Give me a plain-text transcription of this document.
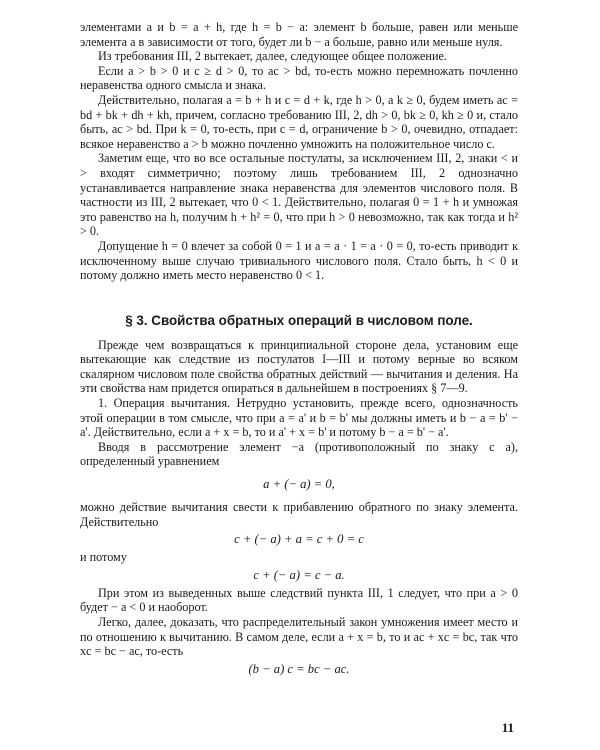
элементами a и b = a + h, где h = b − a: элемент b больше, равен или меньше элемента a в зависимости от того, будет ли b − a больше, равно или меньше нуля.

Из требования III, 2 вытекает, далее, следующее общее положение.

Если a > b > 0 и c ≥ d > 0, то ac > bd, то-есть можно перемножать почленно неравенства одного смысла и знака.

Действительно, полагая a = b + h и c = d + k, где h > 0, a k ≥ 0, будем иметь ac = bd + bk + dh + kh, причем, согласно требованию III, 2, dh > 0, bk ≥ 0, kh ≥ 0 и, стало быть, ac > bd. При k = 0, то-есть, при c = d, ограничение b > 0, очевидно, отпадает: всякое неравенство a > b можно почленно умножить на положительное число c.

Заметим еще, что во все остальные постулаты, за исключением III, 2, знаки < и > входят симметрично; поэтому лишь требованием III, 2 однозначно устанавливается направление знака неравенства для элементов числового поля. В частности из III, 2 вытекает, что 0 < 1. Действительно, полагая 0 = 1 + h и умножая это равенство на h, получим h + h² = 0, что при h > 0 невозможно, так как тогда и h² > 0.

Допущение h = 0 влечет за собой 0 = 1 и a = a · 1 = a · 0 = 0, то-есть приводит к исключенному выше случаю тривиального числового поля. Стало быть, h < 0 и потому должно иметь место неравенство 0 < 1.

§ 3. Свойства обратных операций в числовом поле.

Прежде чем возвращаться к принципиальной стороне дела, установим еще вытекающие как следствие из постулатов I—III и потому верные во всяком скалярном числовом поле свойства обратных действий — вычитания и деления. На эти свойства нам придется опираться в дальнейшем в построениях § 7—9.

1. Операция вычитания. Нетрудно установить, прежде всего, однозначность этой операции в том смысле, что при a = a' и b = b' мы должны иметь и b − a = b' − a'. Действительно, если a + x = b, то и a' + x = b' и потому b − a = b' − a'.

Вводя в рассмотрение элемент −a (противоположный по знаку с a), определенный уравнением

a + (− a) = 0,

можно действие вычитания свести к прибавлению обратного по знаку элемента. Действительно

c + (− a) + a = c + 0 = c

и потому

c + (− a) = c − a.

При этом из выведенных выше следствий пункта III, 1 следует, что при a > 0 будет − a < 0 и наоборот.

Легко, далее, доказать, что распределительный закон умножения имеет место и по отношению к вычитанию. В самом деле, если a + x = b, то и ac + xc = bc, так что xc = bc − ac, то-есть

(b − a) c = bc − ac.
11
